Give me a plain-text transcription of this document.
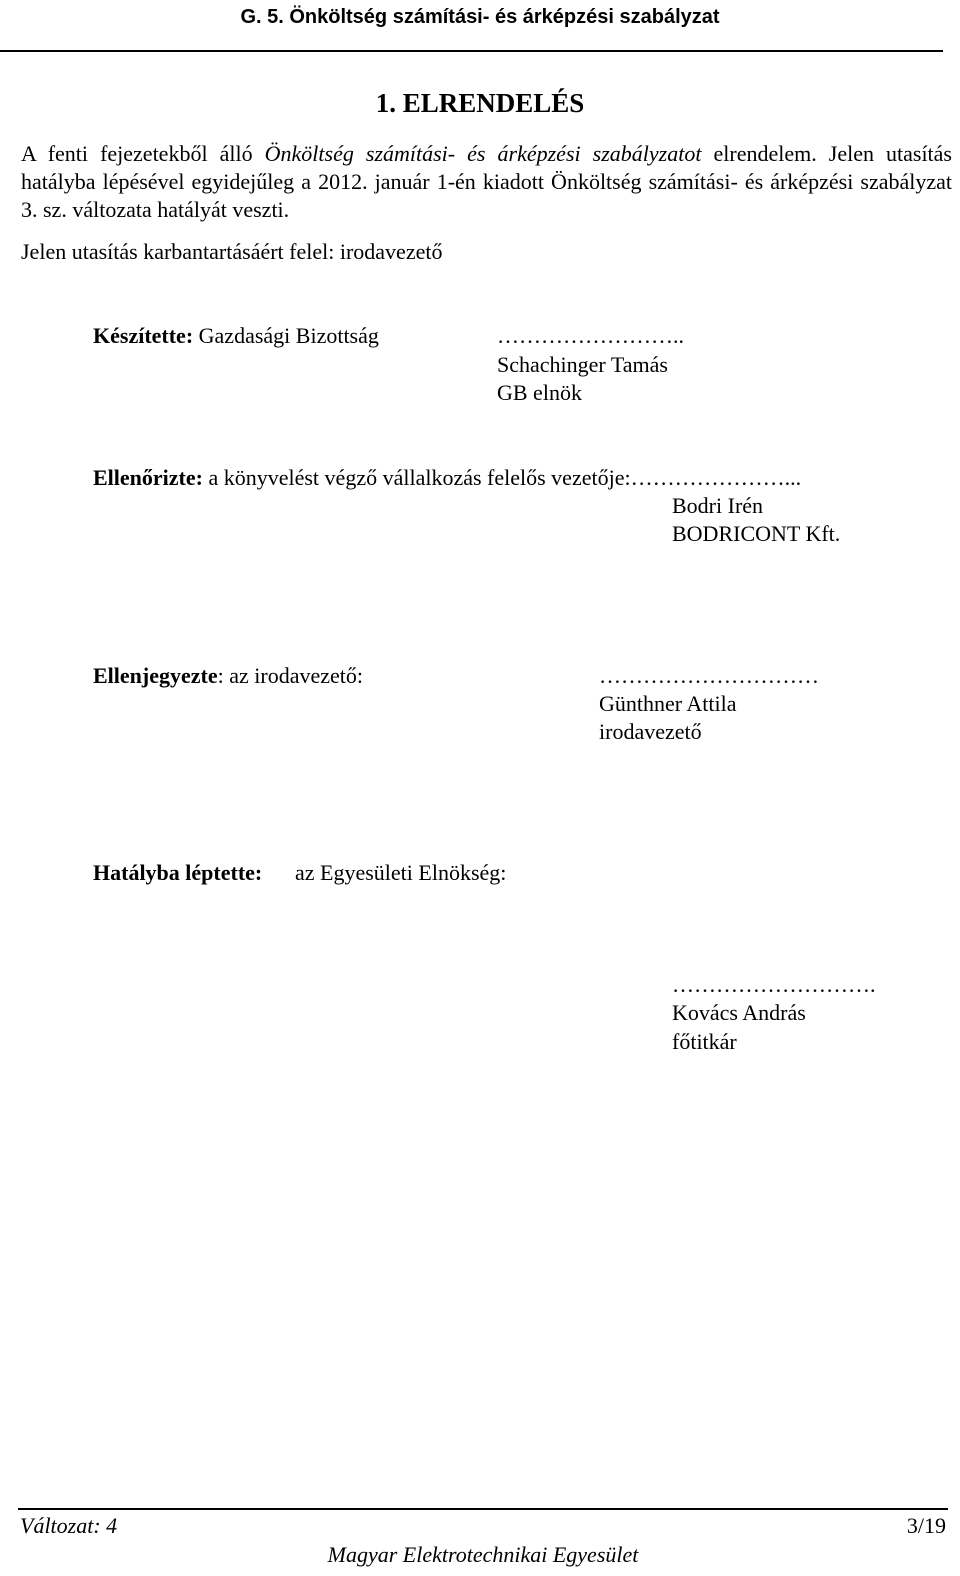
G. 5. Önköltség számítási- és árképzési szabályzat
1. ELRENDELÉS
A fenti fejezetekből álló Önköltség számítási- és árképzési szabályzatot elrendelem. Jelen utasítás hatályba lépésével egyidejűleg a 2012. január 1-én kiadott Önköltség számítási- és árképzési szabályzat 3. sz. változata hatályát veszti.
Jelen utasítás karbantartásáért felel: irodavezető
Készítette: Gazdasági Bizottság	……………………..
Schachinger Tamás
GB elnök
Ellenőrizte: a könyvelést végző vállalkozás felelős vezetője:…………………...
Bodri Irén
BODRICONT Kft.
Ellenjegyezte: az irodavezető:	…………………………
Günthner Attila
irodavezető
Hatályba léptette: az Egyesületi Elnökség:
……………………….
Kovács András
főtitkár
Változat: 4	3/19
Magyar Elektrotechnikai Egyesület
